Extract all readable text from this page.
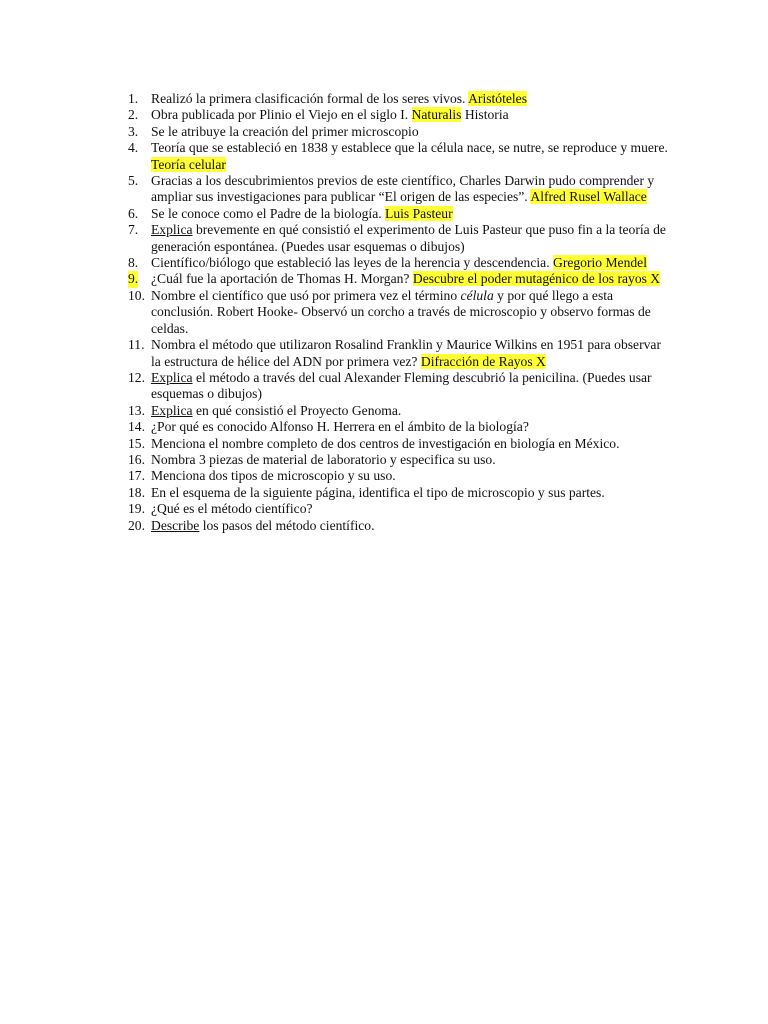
1. Realizó la primera clasificación formal de los seres vivos. Aristóteles
2. Obra publicada por Plinio el Viejo en el siglo I. Naturalis Historia
3. Se le atribuye la creación del primer microscopio
4. Teoría que se estableció en 1838 y establece que la célula nace, se nutre, se reproduce y muere. Teoría celular
5. Gracias a los descubrimientos previos de este científico, Charles Darwin pudo comprender y ampliar sus investigaciones para publicar “El origen de las especies”. Alfred Rusel Wallace
6. Se le conoce como el Padre de la biología. Luis Pasteur
7. Explica brevemente en qué consistió el experimento de Luis Pasteur que puso fin a la teoría de generación espontánea. (Puedes usar esquemas o dibujos)
8. Científico/biólogo que estableció las leyes de la herencia y descendencia. Gregorio Mendel
9. ¿Cuál fue la aportación de Thomas H. Morgan? Descubre el poder mutagénico de los rayos X
10. Nombre el científico que usó por primera vez el término célula y por qué llego a esta conclusión. Robert Hooke- Observó un corcho a través de microscopio y observo formas de celdas.
11. Nombra el método que utilizaron Rosalind Franklin y Maurice Wilkins en 1951 para observar la estructura de hélice del ADN por primera vez? Difracción de Rayos X
12. Explica el método a través del cual Alexander Fleming descubrió la penicilina. (Puedes usar esquemas o dibujos)
13. Explica en qué consistió el Proyecto Genoma.
14. ¿Por qué es conocido Alfonso H. Herrera en el ámbito de la biología?
15. Menciona el nombre completo de dos centros de investigación en biología en México.
16. Nombra 3 piezas de material de laboratorio y especifica su uso.
17. Menciona dos tipos de microscopio y su uso.
18. En el esquema de la siguiente página, identifica el tipo de microscopio y sus partes.
19. ¿Qué es el método científico?
20. Describe los pasos del método científico.
